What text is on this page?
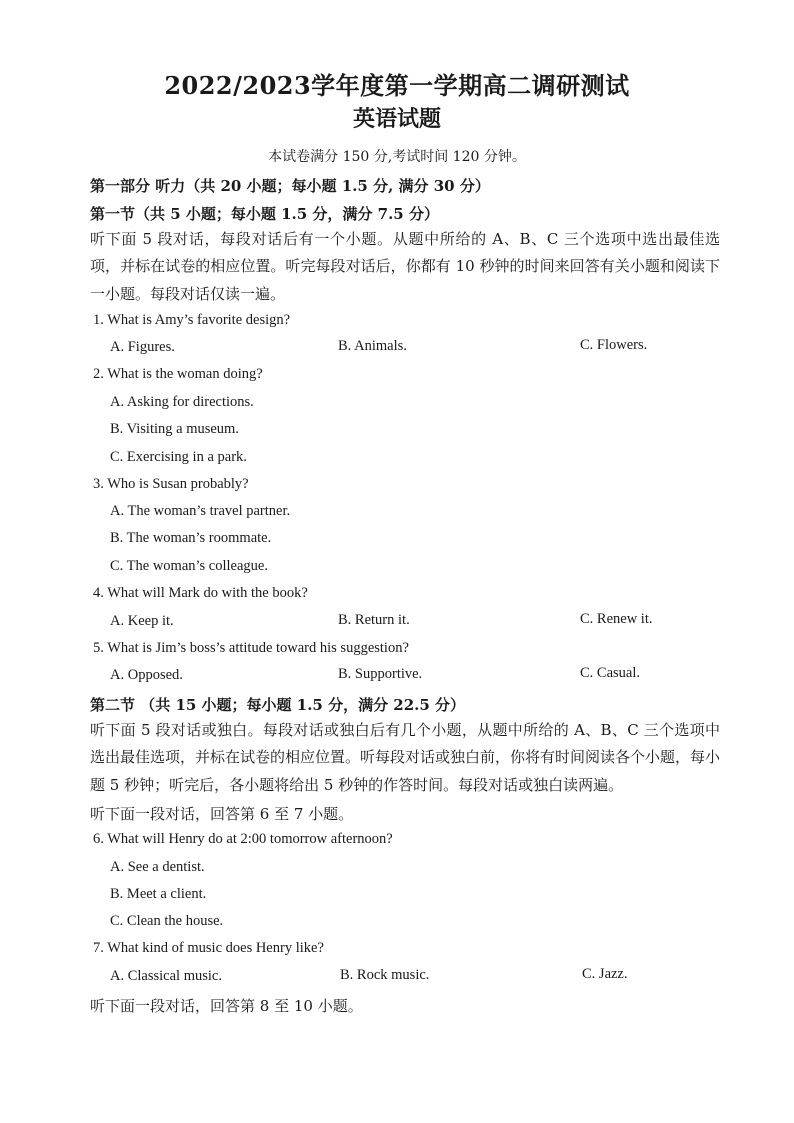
2022/2023学年度第一学期高二调研测试
英语试题
本试卷满分 150 分,考试时间 120 分钟。
第一部分 听力（共 20 小题；每小题 1.5 分, 满分 30 分）
第一节（共 5 小题；每小题 1.5 分，满分 7.5 分）
听下面 5 段对话，每段对话后有一个小题。从题中所给的 A、B、C 三个选项中选出最佳选项，并标在试卷的相应位置。听完每段对话后，你都有 10 秒钟的时间来回答有关小题和阅读下一小题。每段对话仅读一遍。
1. What is Amy’s favorite design?
A. Figures.	B. Animals.	C. Flowers.
2. What is the woman doing?
A. Asking for directions.
B. Visiting a museum.
C. Exercising in a park.
3. Who is Susan probably?
A. The woman’s travel partner.
B. The woman’s roommate.
C. The woman’s colleague.
4. What will Mark do with the book?
A. Keep it.	B. Return it.	C. Renew it.
5. What is Jim’s boss’s attitude toward his suggestion?
A. Opposed.	B. Supportive.	C. Casual.
第二节 （共 15 小题；每小题 1.5 分，满分 22.5 分）
听下面 5 段对话或独白。每段对话或独白后有几个小题，从题中所给的 A、B、C 三个选项中选出最佳选项，并标在试卷的相应位置。听每段对话或独白前，你将有时间阅读各个小题，每小题 5 秒钟；听完后，各小题将给出 5 秒钟的作答时间。每段对话或独白读两遍。
听下面一段对话，回答第 6 至 7 小题。
6. What will Henry do at 2:00 tomorrow afternoon?
A. See a dentist.
B. Meet a client.
C. Clean the house.
7. What kind of music does Henry like?
A. Classical music.	B. Rock music.	C. Jazz.
听下面一段对话，回答第 8 至 10 小题。
